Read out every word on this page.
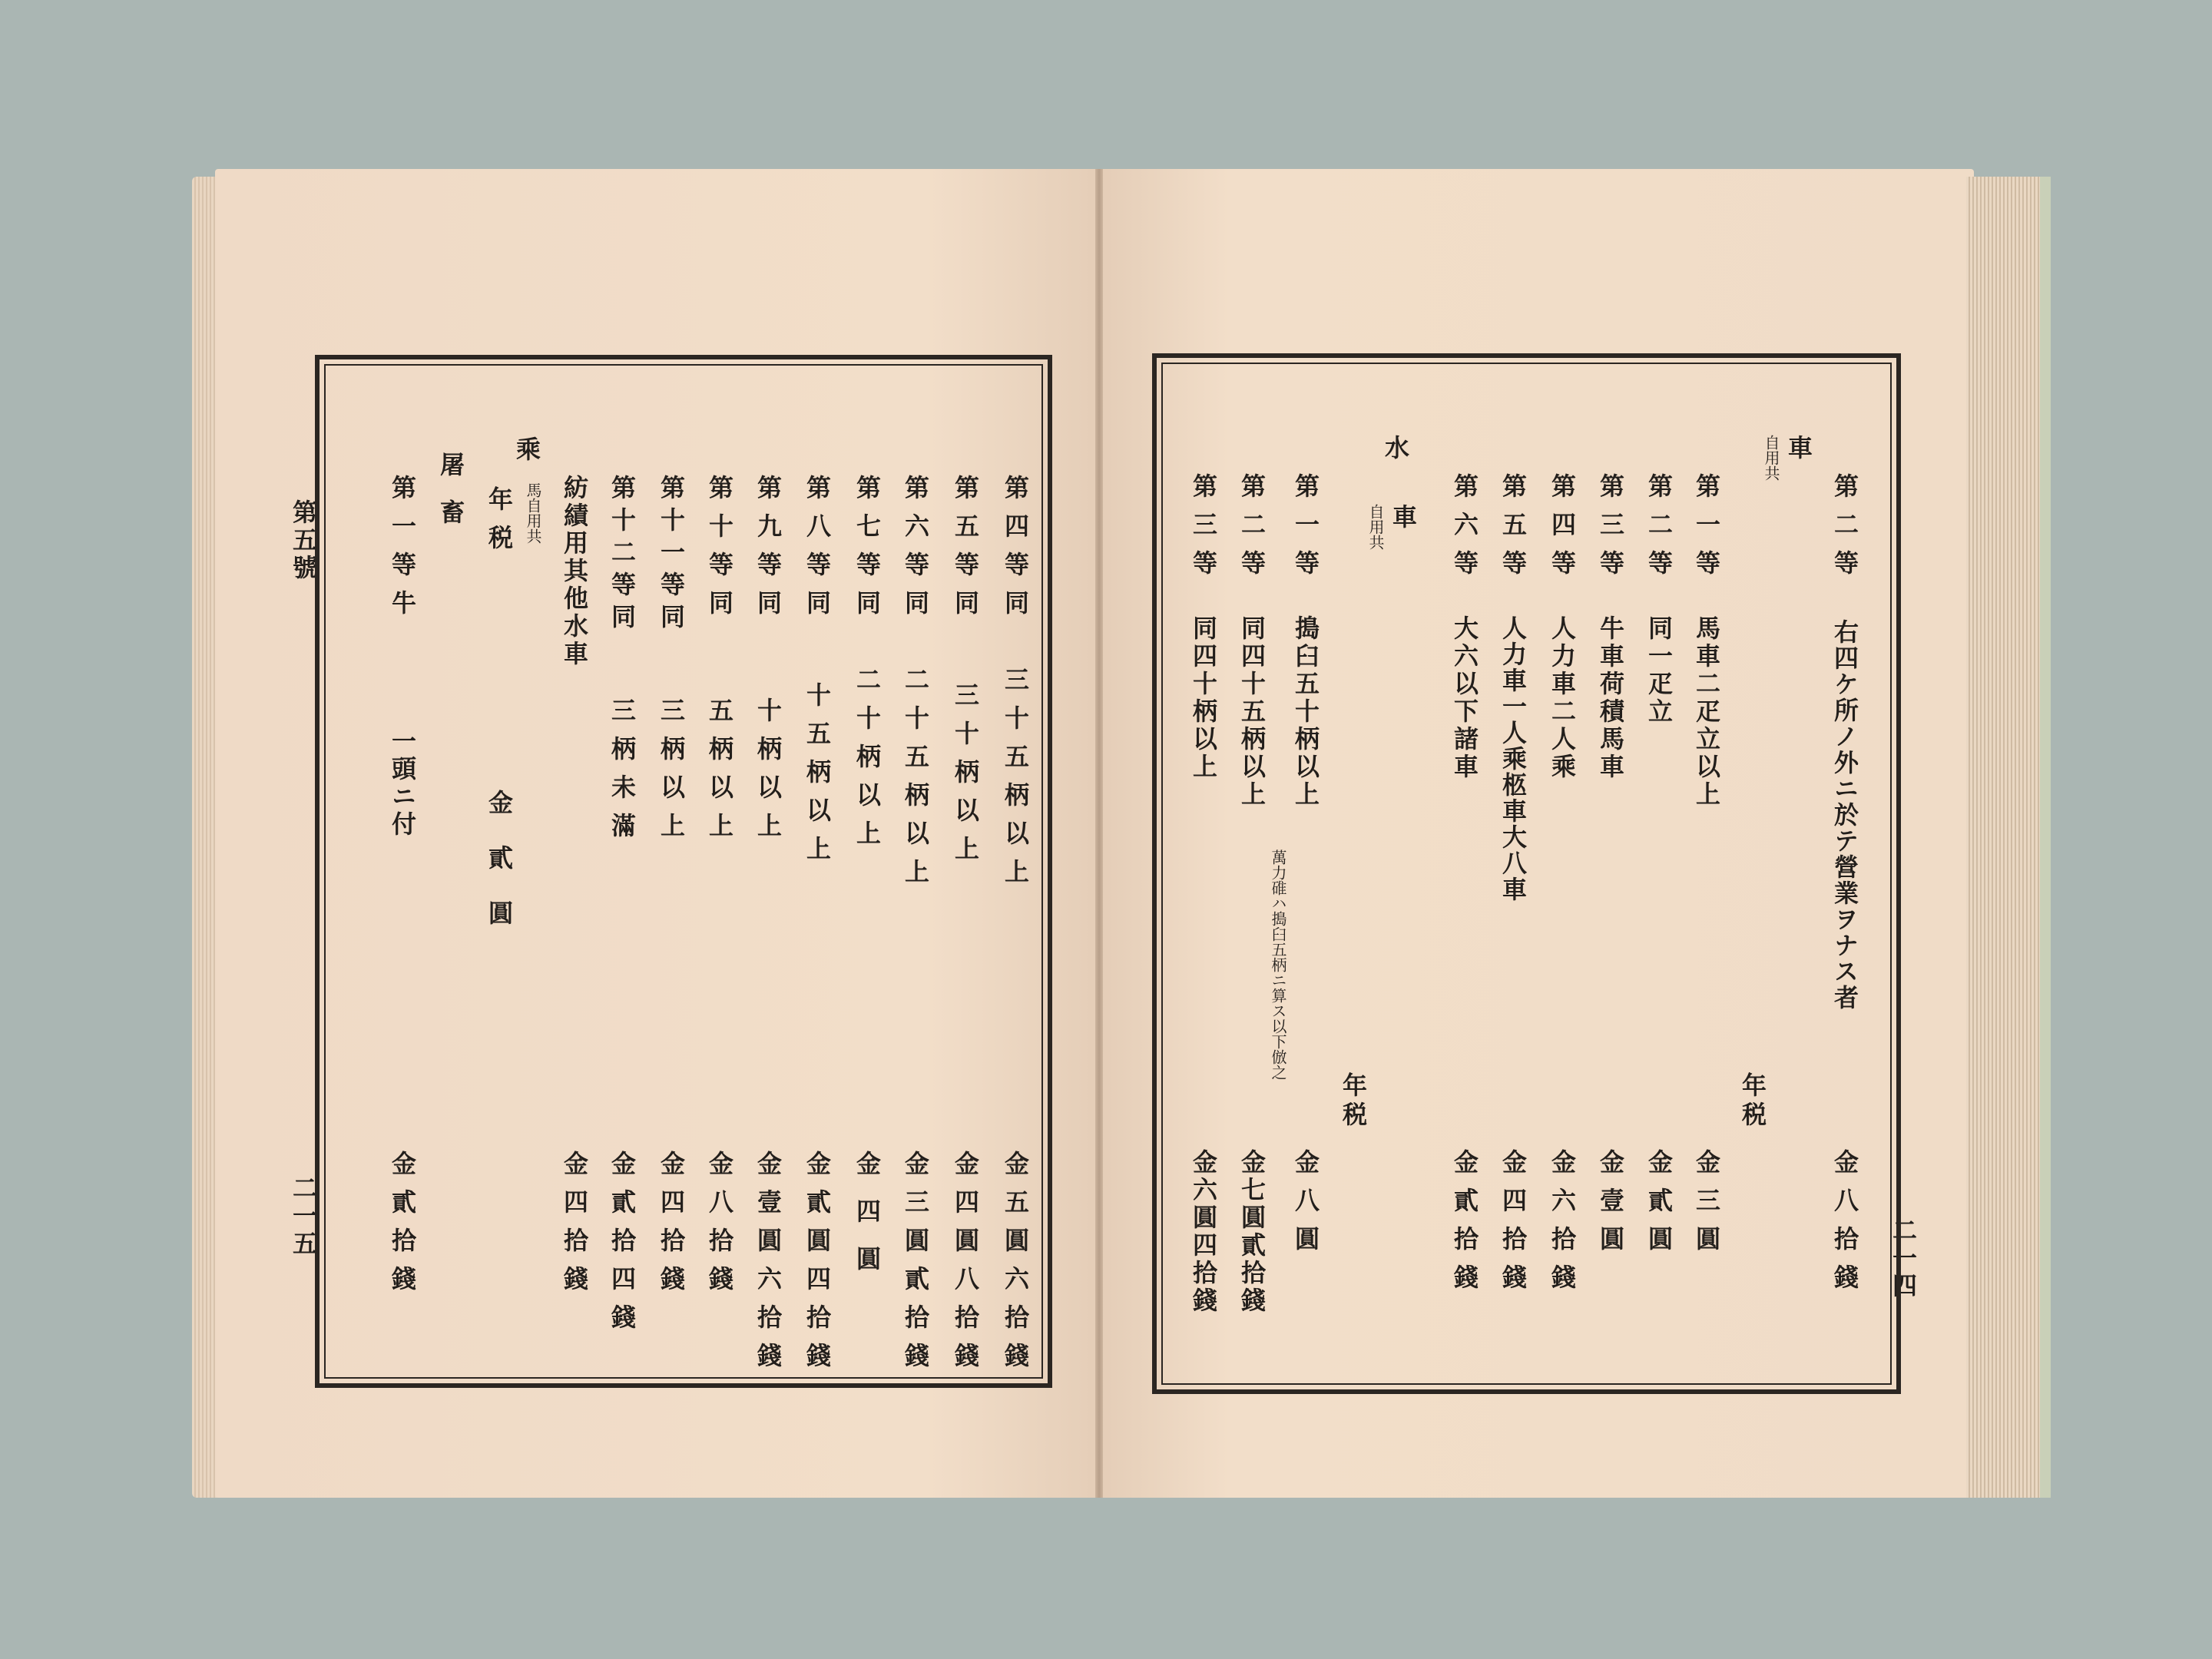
第五號
二一五
第四等同
三十五柄以上
金五圓六拾錢
第五等同
三十柄以上
金四圓八拾錢
第六等同
二十五柄以上
金三圓貳拾錢
第七等同
二十柄以上
金四圓
第八等同
十五柄以上
金貳圓四拾錢
第九等同
十柄以上
金壹圓六拾錢
第十等同
五柄以上
金八拾錢
第十一等同
三柄以上
金四拾錢
第十二等同
三柄未滿
金貳拾四錢
紡績用其他水車
金四拾錢
乘
年税 馬自用共
金貳圓
屠畜
第一等牛
一頭ニ付
金貳拾錢	二一四
第二等
右四ケ所ノ外ニ於テ營業ヲナス者
金八拾錢
車
自用共
年税
第一等
馬車二疋立以上
金三圓
第二等
同一疋立
金貳圓
第三等
牛車荷積馬車
金壹圓
第四等
人力車二人乘
金六拾錢
第五等
人力車一人乘柩車大八車
金四拾錢
第六等
大六以下諸車
金貳拾錢
水
車
自用共
年税
第一等
搗臼五十柄以上
萬力碓ハ搗臼五柄ニ算ス以下倣之
金八圓
第二等
同四十五柄以上
金七圓貳拾錢
第三等
同四十柄以上
金六圓四拾錢
